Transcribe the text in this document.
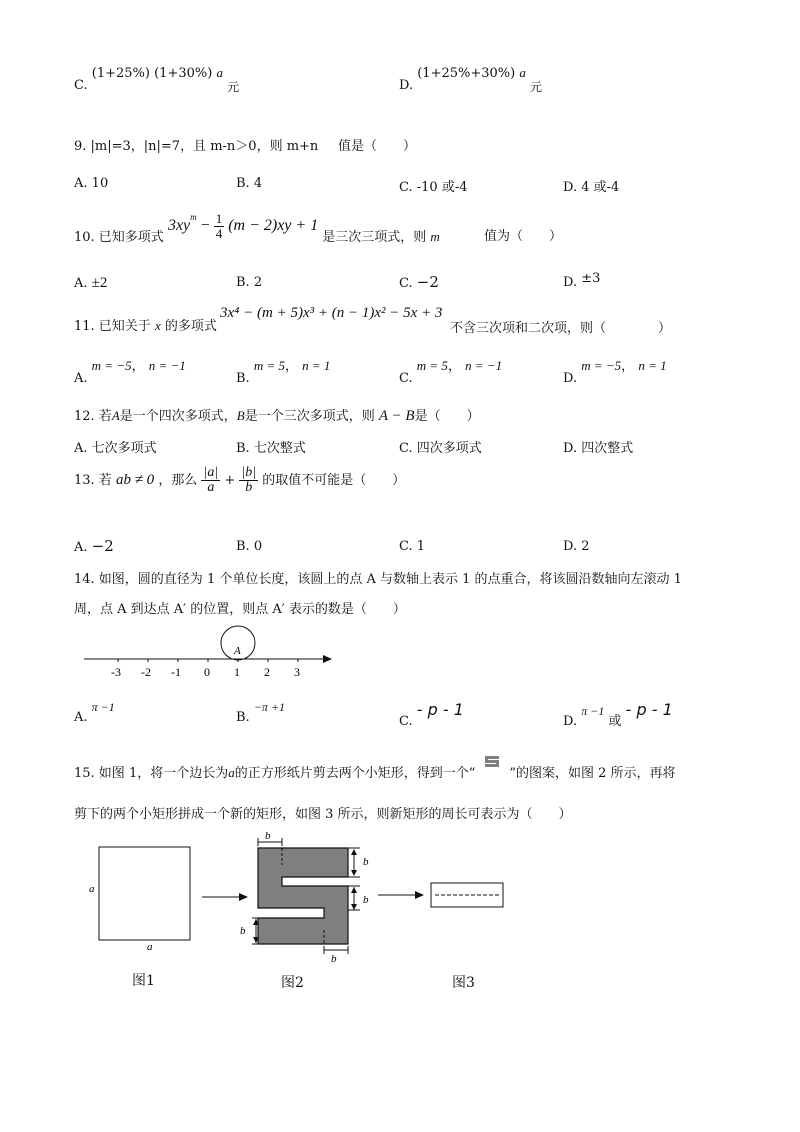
C. (1+25%) (1+30%) a 元	D. (1+25%+30%) a 元
9. |m|=3，|n|=7，且 m-n＞0，则 m+n 值是（　　）
A. 10	B. 4	C. -10 或-4	D. 4 或-4
10. 已知多项式 $3xy^m - \frac{1}{4} (m - 2)xy + 1$ 是三次三项式，则 m	值为（　　）
A. ±2	B. 2	C. −2	D. ±3
11. 已知关于 x 的多项式
3x⁴ − (m + 5)x³ + (n − 1)x² − 5x + 3
不含三次项和二次项，则（　　　　）
A. m = −5， n = −1
B. m = 5， n = 1
C. m = 5， n = −1
D. m = −5， n = 1
12. 若A是一个四次多项式，B是一个三次多项式，则 A − B是（　　）
A. 七次多项式	B. 七次整式	C. 四次多项式	D. 四次整式
13. 若 ab ≠ 0 ，那么 $\frac{|a|}{a} + \frac{|b|}{b}$ 的取值不可能是（　　）
A. −2	B. 0	C. 1	D. 2
14. 如图，圆的直径为 1 个单位长度，该圆上的点 A 与数轴上表示 1 的点重合，将该圆沿数轴向左滚动 1
周，点 A 到达点 A′ 的位置，则点 A′ 表示的数是（　　）
A
-3 -2 -1 0 1 2 3
A. π −1
B. −π +1
C. - p - 1
D. π −1 或 - p - 1
15. 如图 1，将一个边长为a的正方形纸片剪去两个小矩形，得到一个“	”的图案，如图 2 所示，再将
剪下的两个小矩形拼成一个新的矩形，如图 3 所示，则新矩形的周长可表示为（　　）
a
a
图1
b
b
b
b
b
图2	图3
